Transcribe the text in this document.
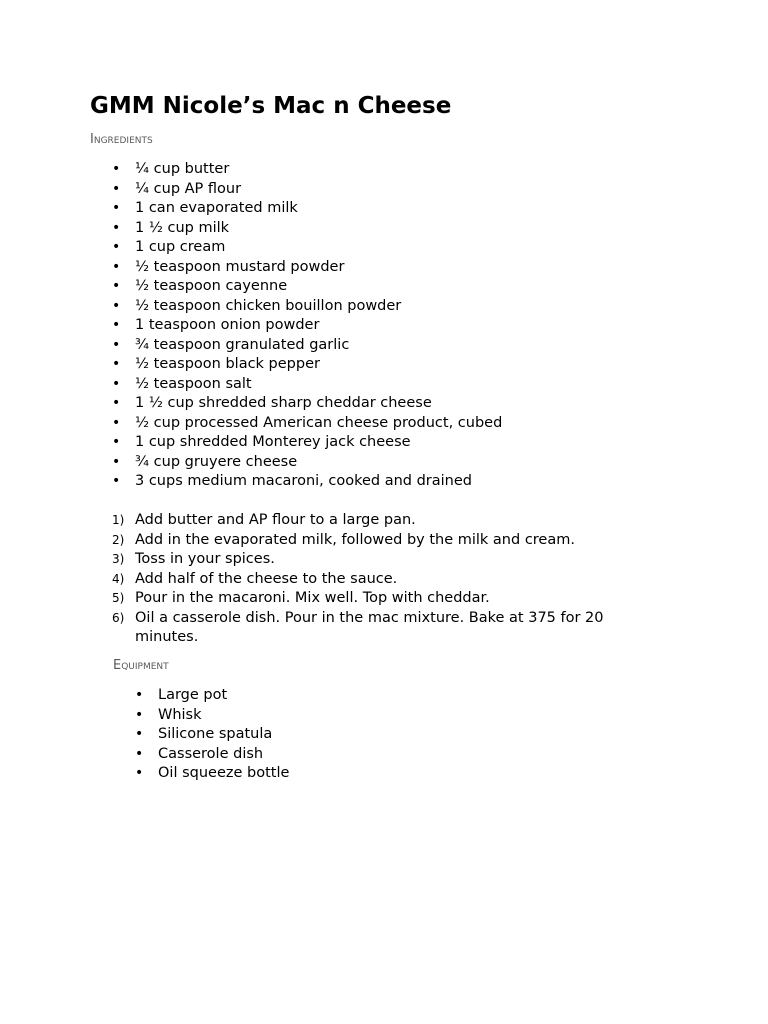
GMM Nicole’s Mac n Cheese
Ingredients
• ¼ cup butter
• ¼ cup AP flour
• 1 can evaporated milk
• 1 ½ cup milk
• 1 cup cream
• ½ teaspoon mustard powder
• ½ teaspoon cayenne
• ½ teaspoon chicken bouillon powder
• 1 teaspoon onion powder
• ¾ teaspoon granulated garlic
• ½ teaspoon black pepper
• ½ teaspoon salt
• 1 ½ cup shredded sharp cheddar cheese
• ½ cup processed American cheese product, cubed
• 1 cup shredded Monterey jack cheese
• ¾ cup gruyere cheese
• 3 cups medium macaroni, cooked and drained
1) Add butter and AP flour to a large pan.
2) Add in the evaporated milk, followed by the milk and cream.
3) Toss in your spices.
4) Add half of the cheese to the sauce.
5) Pour in the macaroni. Mix well. Top with cheddar.
6) Oil a casserole dish. Pour in the mac mixture. Bake at 375 for 20 minutes.
Equipment
• Large pot
• Whisk
• Silicone spatula
• Casserole dish
• Oil squeeze bottle
